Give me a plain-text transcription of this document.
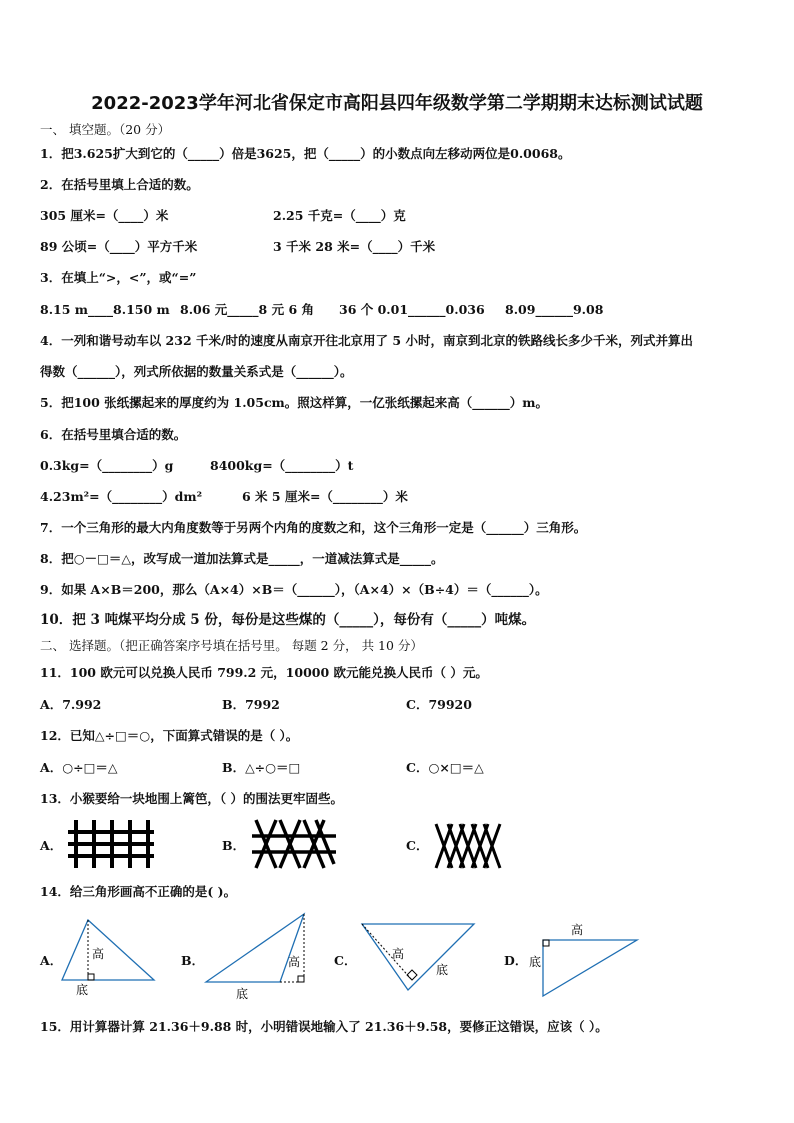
2022-2023学年河北省保定市高阳县四年级数学第二学期期末达标测试试题
一、 填空题。（20 分）
1．把3.625扩大到它的（_____）倍是3625，把（_____）的小数点向左移动两位是0.0068。
2．在括号里填上合适的数。
305 厘米=（____）米	2.25 千克=（____）克
89 公顷=（____）平方千米	3 千米 28 米=（____）千米
3．在填上“>，<”，或“=”
8.15 m____8.150 m 8.06 元_____8 元 6 角 36 个 0.01______0.036 8.09______9.08
4．一列和谐号动车以 232 千米/时的速度从南京开往北京用了 5 小时，南京到北京的铁路线长多少千米，列式并算出
得数（______），列式所依据的数量关系式是（______）。
5．把100 张纸摞起来的厚度约为 1.05cm。照这样算，一亿张纸摞起来高（______）m。
6．在括号里填合适的数。
0.3kg=（________）g	8400kg=（________）t
4.23m²=（________）dm²	6 米 5 厘米=（________）米
7．一个三角形的最大内角度数等于另两个内角的度数之和，这个三角形一定是（______）三角形。
8．把○－□＝△，改写成一道加法算式是_____，一道减法算式是_____。
9．如果 A×B＝200，那么（A×4）×B＝（______），（A×4）×（B÷4）＝（______）。
10．把 3 吨煤平均分成 5 份，每份是这些煤的（_____），每份有（_____）吨煤。
二、 选择题。（把正确答案序号填在括号里。 每题 2 分， 共 10 分）
11．100 欧元可以兑换人民币 799.2 元，10000 欧元能兑换人民币（ ）元。
A．7.992	B．7992	C．79920
12．已知△÷□＝○，下面算式错误的是（ ）。
A．○÷□＝△	B．△÷○＝□	C．○×□＝△
13．小猴要给一块地围上篱笆，（ ）的围法更牢固些。
A．	B．	C．
14．给三角形画高不正确的是( )。
A．	B．	C．	D．
高
底
高
底
高
底
高
底
15．用计算器计算 21.36＋9.88 时，小明错误地输入了 21.36＋9.58，要修正这错误，应该（ ）。
